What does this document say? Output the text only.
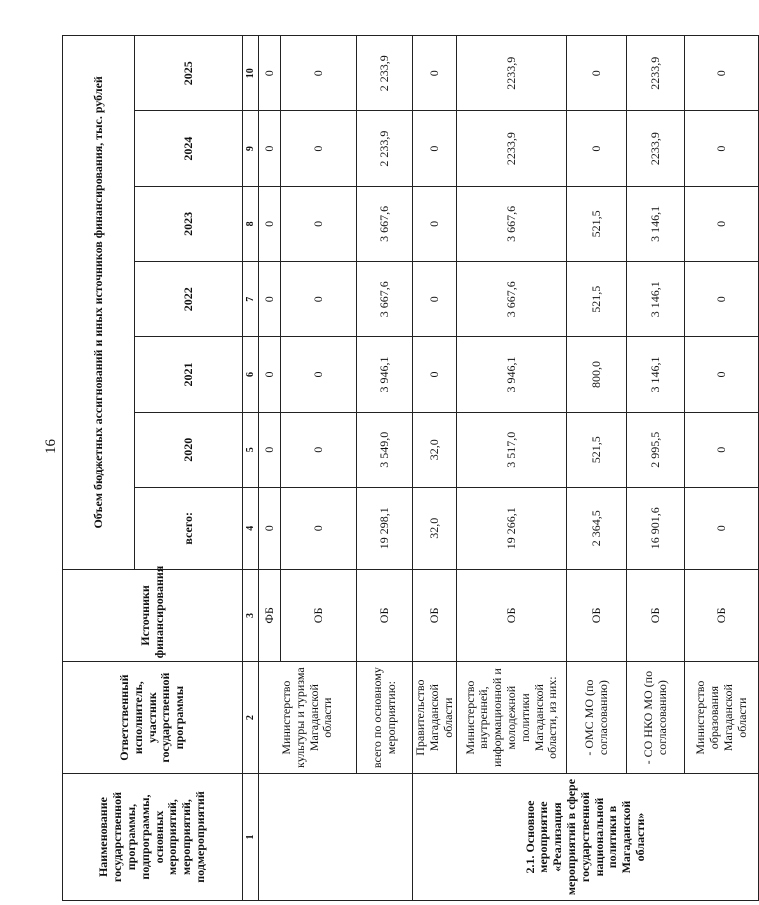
16
Наименование государственной программы, подпрограммы, основных мероприятий, мероприятий, подмероприятий	Ответственный исполнитель, участник государственной программы	Источники финансирования	Объем бюджетных ассигнований и иных источников финансирования, тыс. рублей						
			всего:	2020	2021	2022	2023	2024	2025
1	2	3	4	5	6	7	8	9	10
	Министерство культуры и туризма Магаданской области	ФБ	0	0	0	0	0	0	0
		ОБ	0	0	0	0	0	0	0
	всего по основному мероприятию:	ОБ	19 298,1	3 549,0	3 946,1	3 667,6	3 667,6	2 233,9	2 233,9
2.1. Основное мероприятие «Реализация мероприятий в сфере государственной национальной политики в Магаданской области»	Правительство Магаданской области	ОБ	32,0	32,0	0	0	0	0	0
	Министерство внутренней, информационной и молодежной политики Магаданской области, из них:	ОБ	19 266,1	3 517,0	3 946,1	3 667,6	3 667,6	2233,9	2233,9
	- ОМС МО (по согласованию)	ОБ	2 364,5	521,5	800,0	521,5	521,5	0	0
	- СО НКО МО (по согласованию)	ОБ	16 901,6	2 995,5	3 146,1	3 146,1	3 146,1	2233,9	2233,9
	Министерство образования Магаданской области	ОБ	0	0	0	0	0	0	0
